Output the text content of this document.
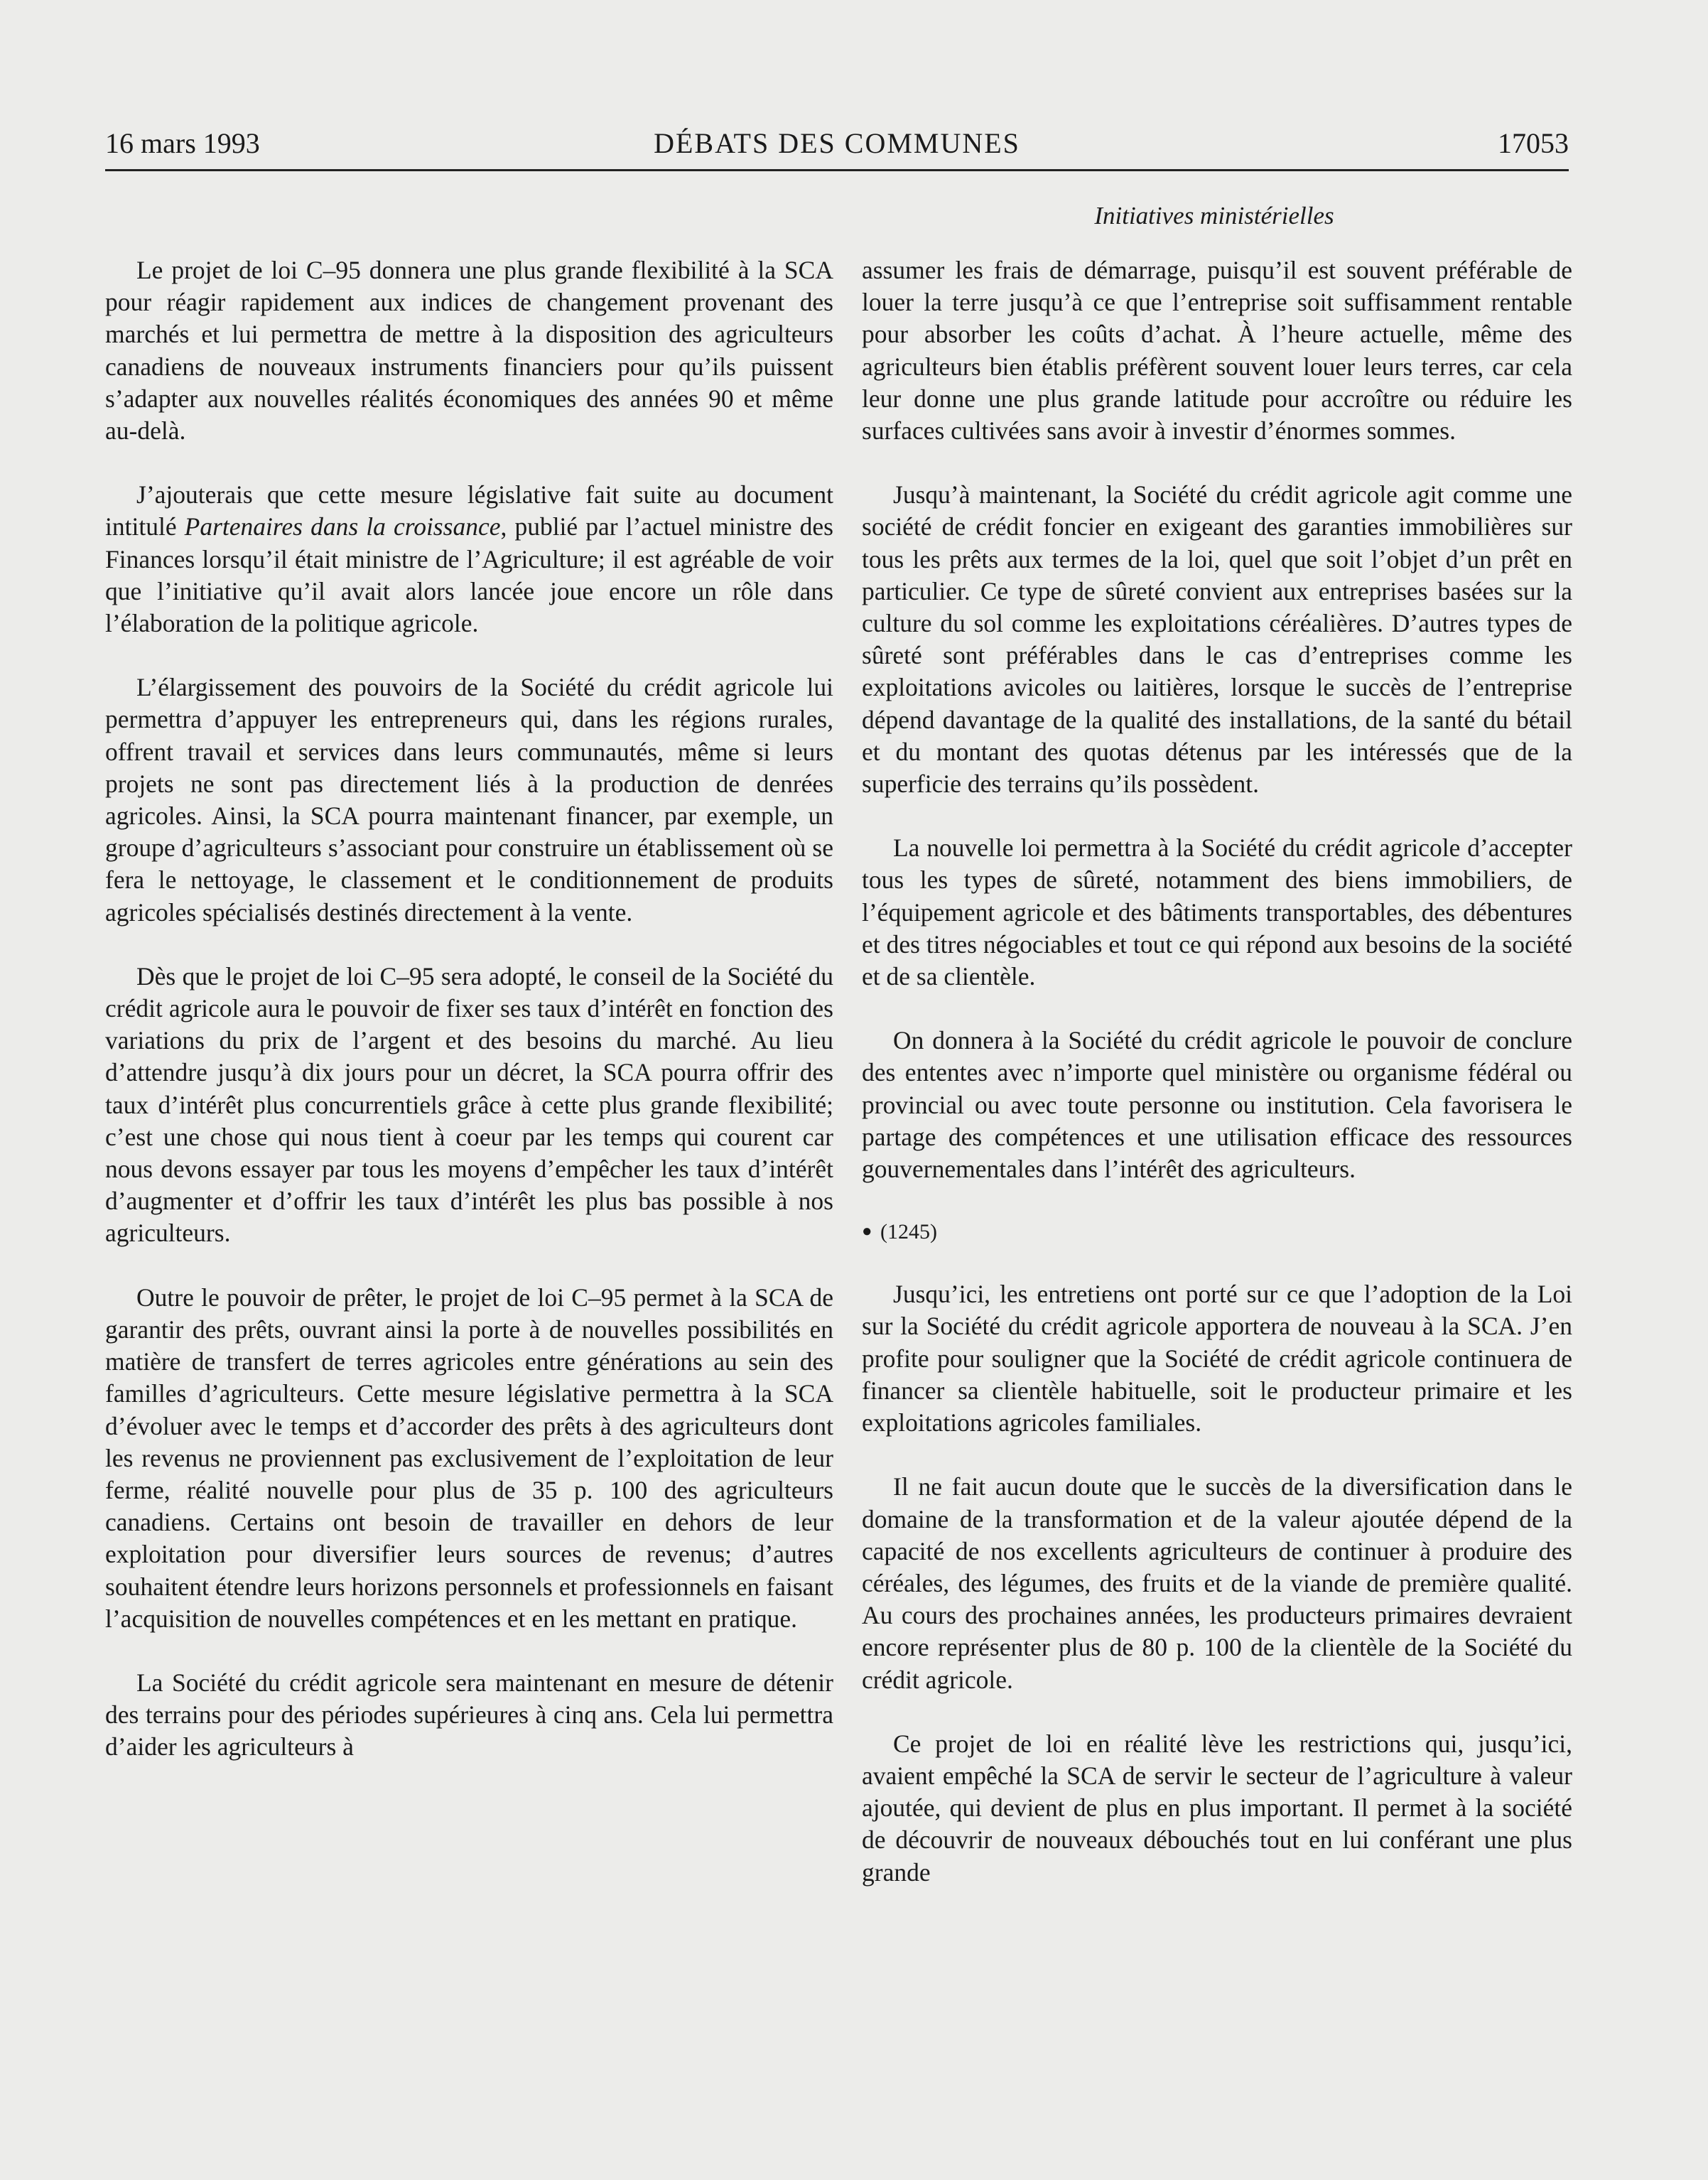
16 mars 1993	DÉBATS DES COMMUNES	17053
Initiatives ministérielles

Le projet de loi C–95 donnera une plus grande flexibilité à la SCA pour réagir rapidement aux indices de changement provenant des marchés et lui permettra de mettre à la disposition des agriculteurs canadiens de nouveaux instruments financiers pour qu’ils puissent s’adapter aux nouvelles réalités économiques des années 90 et même au-delà.

J’ajouterais que cette mesure législative fait suite au document intitulé Partenaires dans la croissance, publié par l’actuel ministre des Finances lorsqu’il était ministre de l’Agriculture; il est agréable de voir que l’initiative qu’il avait alors lancée joue encore un rôle dans l’élaboration de la politique agricole.

L’élargissement des pouvoirs de la Société du crédit agricole lui permettra d’appuyer les entrepreneurs qui, dans les régions rurales, offrent travail et services dans leurs communautés, même si leurs projets ne sont pas directement liés à la production de denrées agricoles. Ainsi, la SCA pourra maintenant financer, par exemple, un groupe d’agriculteurs s’associant pour construire un établissement où se fera le nettoyage, le classement et le conditionnement de produits agricoles spécialisés destinés directement à la vente.

Dès que le projet de loi C–95 sera adopté, le conseil de la Société du crédit agricole aura le pouvoir de fixer ses taux d’intérêt en fonction des variations du prix de l’argent et des besoins du marché. Au lieu d’attendre jusqu’à dix jours pour un décret, la SCA pourra offrir des taux d’intérêt plus concurrentiels grâce à cette plus grande flexibilité; c’est une chose qui nous tient à coeur par les temps qui courent car nous devons essayer par tous les moyens d’empêcher les taux d’intérêt d’augmenter et d’offrir les taux d’intérêt les plus bas possible à nos agriculteurs.

Outre le pouvoir de prêter, le projet de loi C–95 permet à la SCA de garantir des prêts, ouvrant ainsi la porte à de nouvelles possibilités en matière de transfert de terres agricoles entre générations au sein des familles d’agriculteurs. Cette mesure législative permettra à la SCA d’évoluer avec le temps et d’accorder des prêts à des agriculteurs dont les revenus ne proviennent pas exclusivement de l’exploitation de leur ferme, réalité nouvelle pour plus de 35 p. 100 des agriculteurs canadiens. Certains ont besoin de travailler en dehors de leur exploitation pour diversifier leurs sources de revenus; d’autres souhaitent étendre leurs horizons personnels et professionnels en faisant l’acquisition de nouvelles compétences et en les mettant en pratique.

La Société du crédit agricole sera maintenant en mesure de détenir des terrains pour des périodes supérieures à cinq ans. Cela lui permettra d’aider les agriculteurs à

assumer les frais de démarrage, puisqu’il est souvent préférable de louer la terre jusqu’à ce que l’entreprise soit suffisamment rentable pour absorber les coûts d’achat. À l’heure actuelle, même des agriculteurs bien établis préfèrent souvent louer leurs terres, car cela leur donne une plus grande latitude pour accroître ou réduire les surfaces cultivées sans avoir à investir d’énormes sommes.

Jusqu’à maintenant, la Société du crédit agricole agit comme une société de crédit foncier en exigeant des garanties immobilières sur tous les prêts aux termes de la loi, quel que soit l’objet d’un prêt en particulier. Ce type de sûreté convient aux entreprises basées sur la culture du sol comme les exploitations céréalières. D’autres types de sûreté sont préférables dans le cas d’entreprises comme les exploitations avicoles ou laitières, lorsque le succès de l’entreprise dépend davantage de la qualité des installations, de la santé du bétail et du montant des quotas détenus par les intéressés que de la superficie des terrains qu’ils possèdent.

La nouvelle loi permettra à la Société du crédit agricole d’accepter tous les types de sûreté, notamment des biens immobiliers, de l’équipement agricole et des bâtiments transportables, des débentures et des titres négociables et tout ce qui répond aux besoins de la société et de sa clientèle.

On donnera à la Société du crédit agricole le pouvoir de conclure des ententes avec n’importe quel ministère ou organisme fédéral ou provincial ou avec toute personne ou institution. Cela favorisera le partage des compétences et une utilisation efficace des ressources gouvernementales dans l’intérêt des agriculteurs.

● (1245)

Jusqu’ici, les entretiens ont porté sur ce que l’adoption de la Loi sur la Société du crédit agricole apportera de nouveau à la SCA. J’en profite pour souligner que la Société de crédit agricole continuera de financer sa clientèle habituelle, soit le producteur primaire et les exploitations agricoles familiales.

Il ne fait aucun doute que le succès de la diversification dans le domaine de la transformation et de la valeur ajoutée dépend de la capacité de nos excellents agriculteurs de continuer à produire des céréales, des légumes, des fruits et de la viande de première qualité. Au cours des prochaines années, les producteurs primaires devraient encore représenter plus de 80 p. 100 de la clientèle de la Société du crédit agricole.

Ce projet de loi en réalité lève les restrictions qui, jusqu’ici, avaient empêché la SCA de servir le secteur de l’agriculture à valeur ajoutée, qui devient de plus en plus important. Il permet à la société de découvrir de nouveaux débouchés tout en lui conférant une plus grande
